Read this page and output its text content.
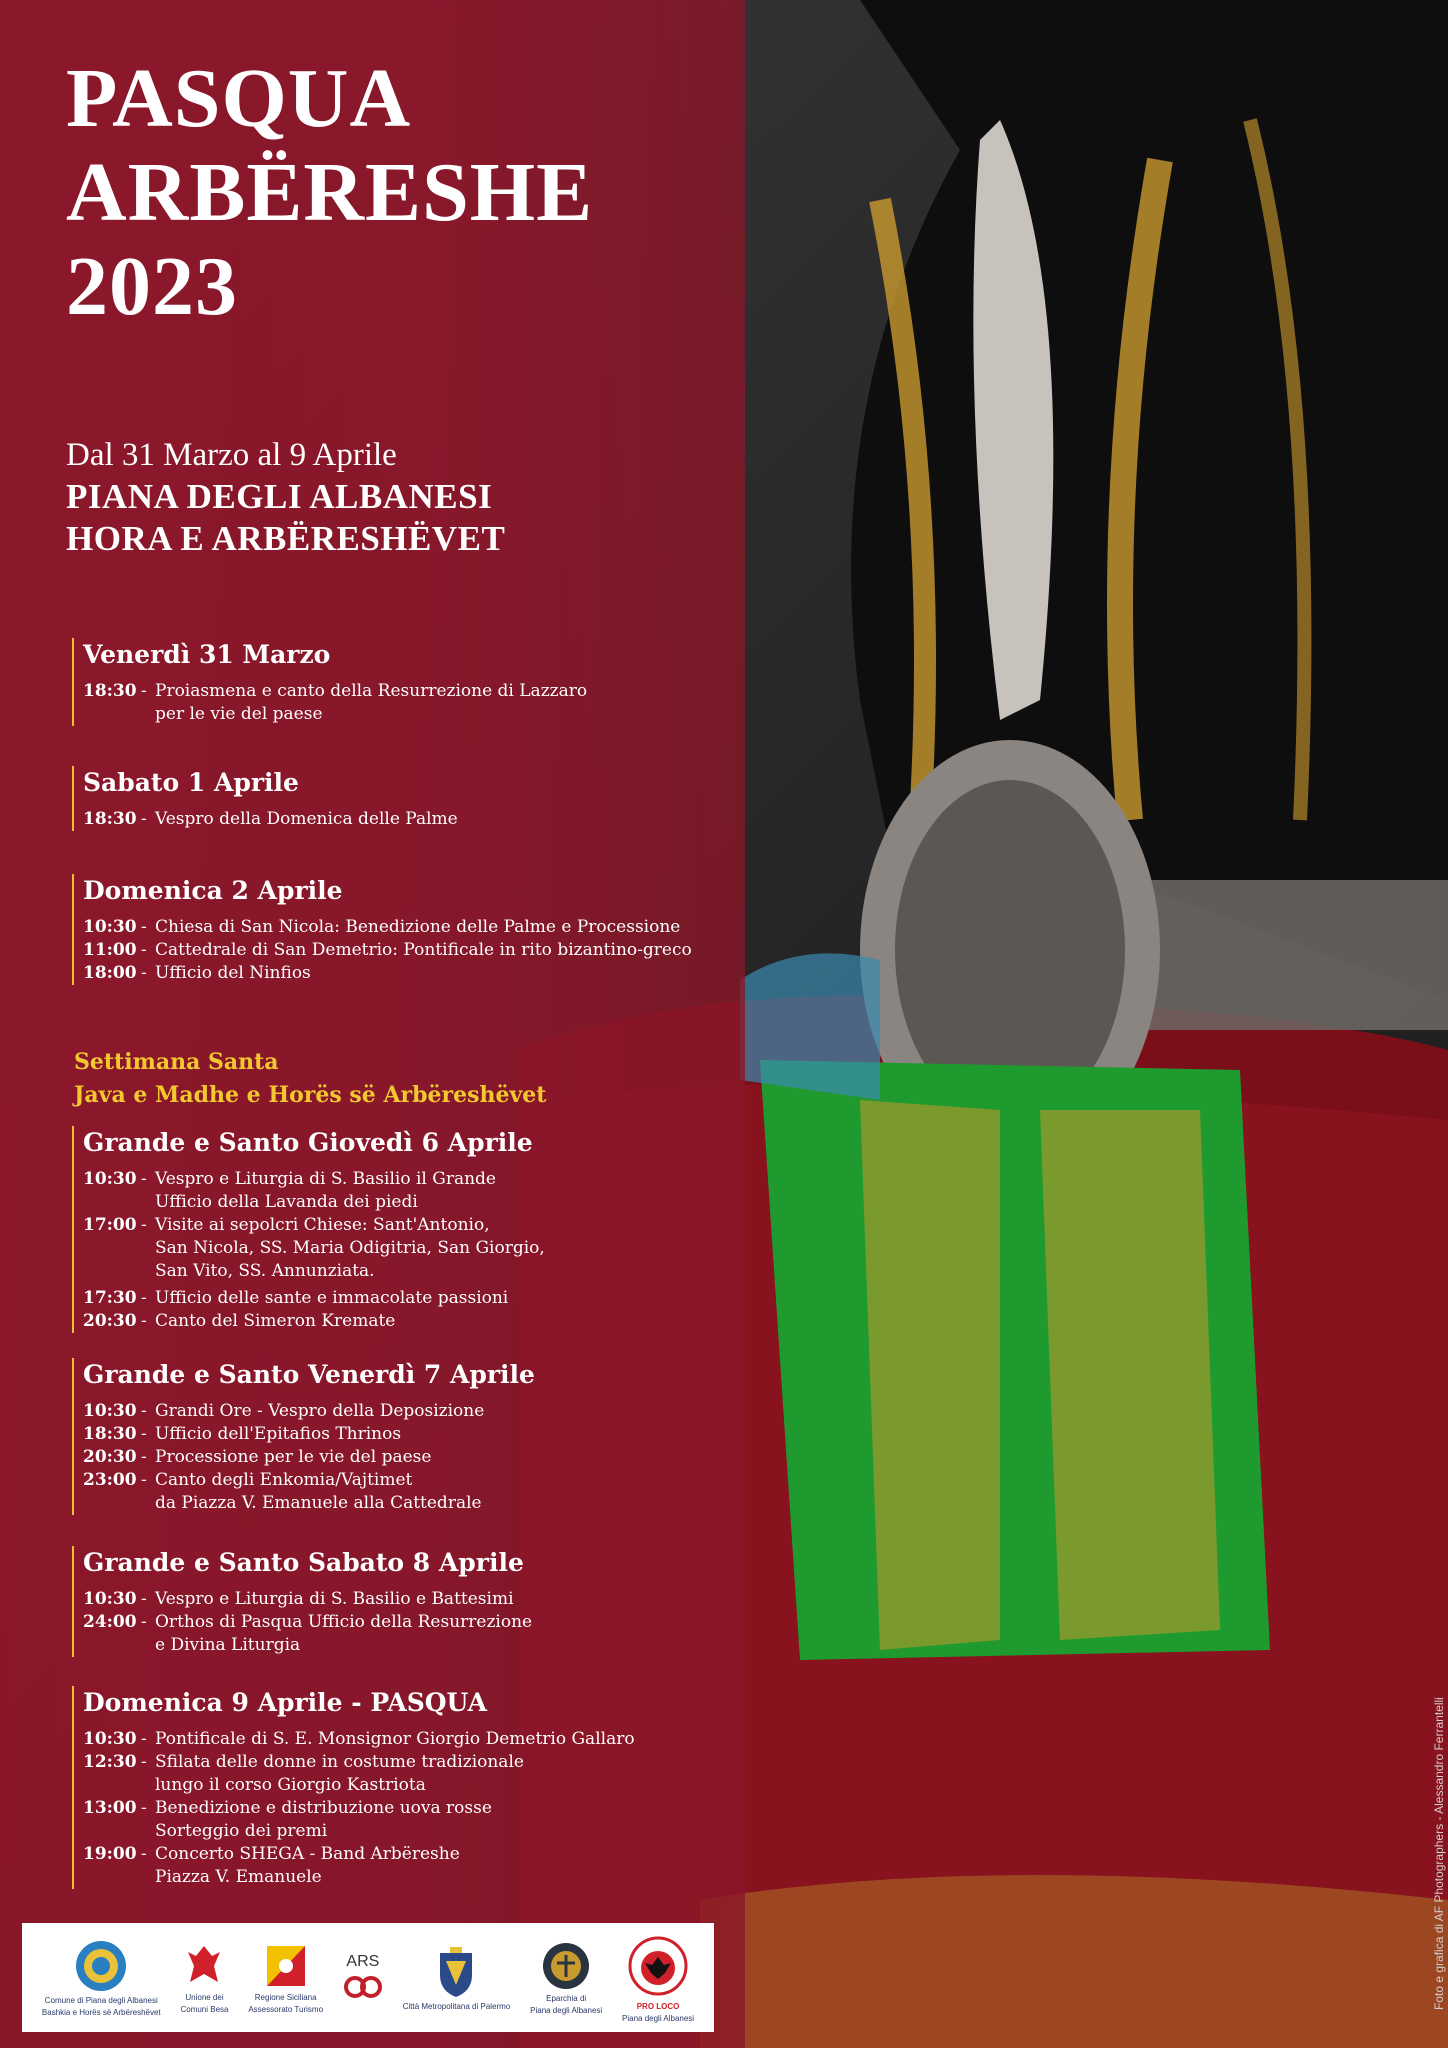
PASQUA
ARBËRESHE
2023
Dal 31 Marzo al 9 Aprile
PIANA DEGLI ALBANESI
HORA E ARBËRESHËVET
Venerdì 31 Marzo
18:30 - Proiasmena e canto della Resurrezione di Lazzaro
per le vie del paese
Sabato 1 Aprile
18:30 - Vespro della Domenica delle Palme
Domenica 2 Aprile
10:30 - Chiesa di San Nicola: Benedizione delle Palme e Processione
11:00 - Cattedrale di San Demetrio: Pontificale in rito bizantino-greco
18:00 - Ufficio del Ninfios
Settimana Santa
Java e Madhe e Horës së Arbëreshëvet
Grande e Santo Giovedì 6 Aprile
10:30 - Vespro e Liturgia di S. Basilio il Grande
Ufficio della Lavanda dei piedi
17:00 - Visite ai sepolcri Chiese: Sant'Antonio,
San Nicola, SS. Maria Odigitria, San Giorgio,
San Vito, SS. Annunziata.
17:30 - Ufficio delle sante e immacolate passioni
20:30 - Canto del Simeron Kremate
Grande e Santo Venerdì 7 Aprile
10:30 - Grandi Ore - Vespro della Deposizione
18:30 - Ufficio dell'Epitafios Thrinos
20:30 - Processione per le vie del paese
23:00 - Canto degli Enkomia/Vajtimet
da Piazza V. Emanuele alla Cattedrale
Grande e Santo Sabato 8 Aprile
10:30 - Vespro e Liturgia di S. Basilio e Battesimi
24:00 - Orthos di Pasqua Ufficio della Resurrezione
e Divina Liturgia
Domenica 9 Aprile - PASQUA
10:30 - Pontificale di S. E. Monsignor Giorgio Demetrio Gallaro
12:30 - Sfilata delle donne in costume tradizionale
lungo il corso Giorgio Kastriota
13:00 - Benedizione e distribuzione uova rosse
Sorteggio dei premi
19:00 - Concerto SHEGA - Band Arbëreshe
Piazza V. Emanuele
Comune di Piana degli Albanesi
Bashkia e Horës së Arbëreshëvet
Unione dei
Comuni Besa
Regione Siciliana
Assessorato Turismo
ARS
Città Metropolitana di Palermo
Eparchia di
Piana degli Albanesi	PRO LOCO
Piana degli Albanesi
Foto e grafica di AF Photographers - Alessandro Ferrantelli
